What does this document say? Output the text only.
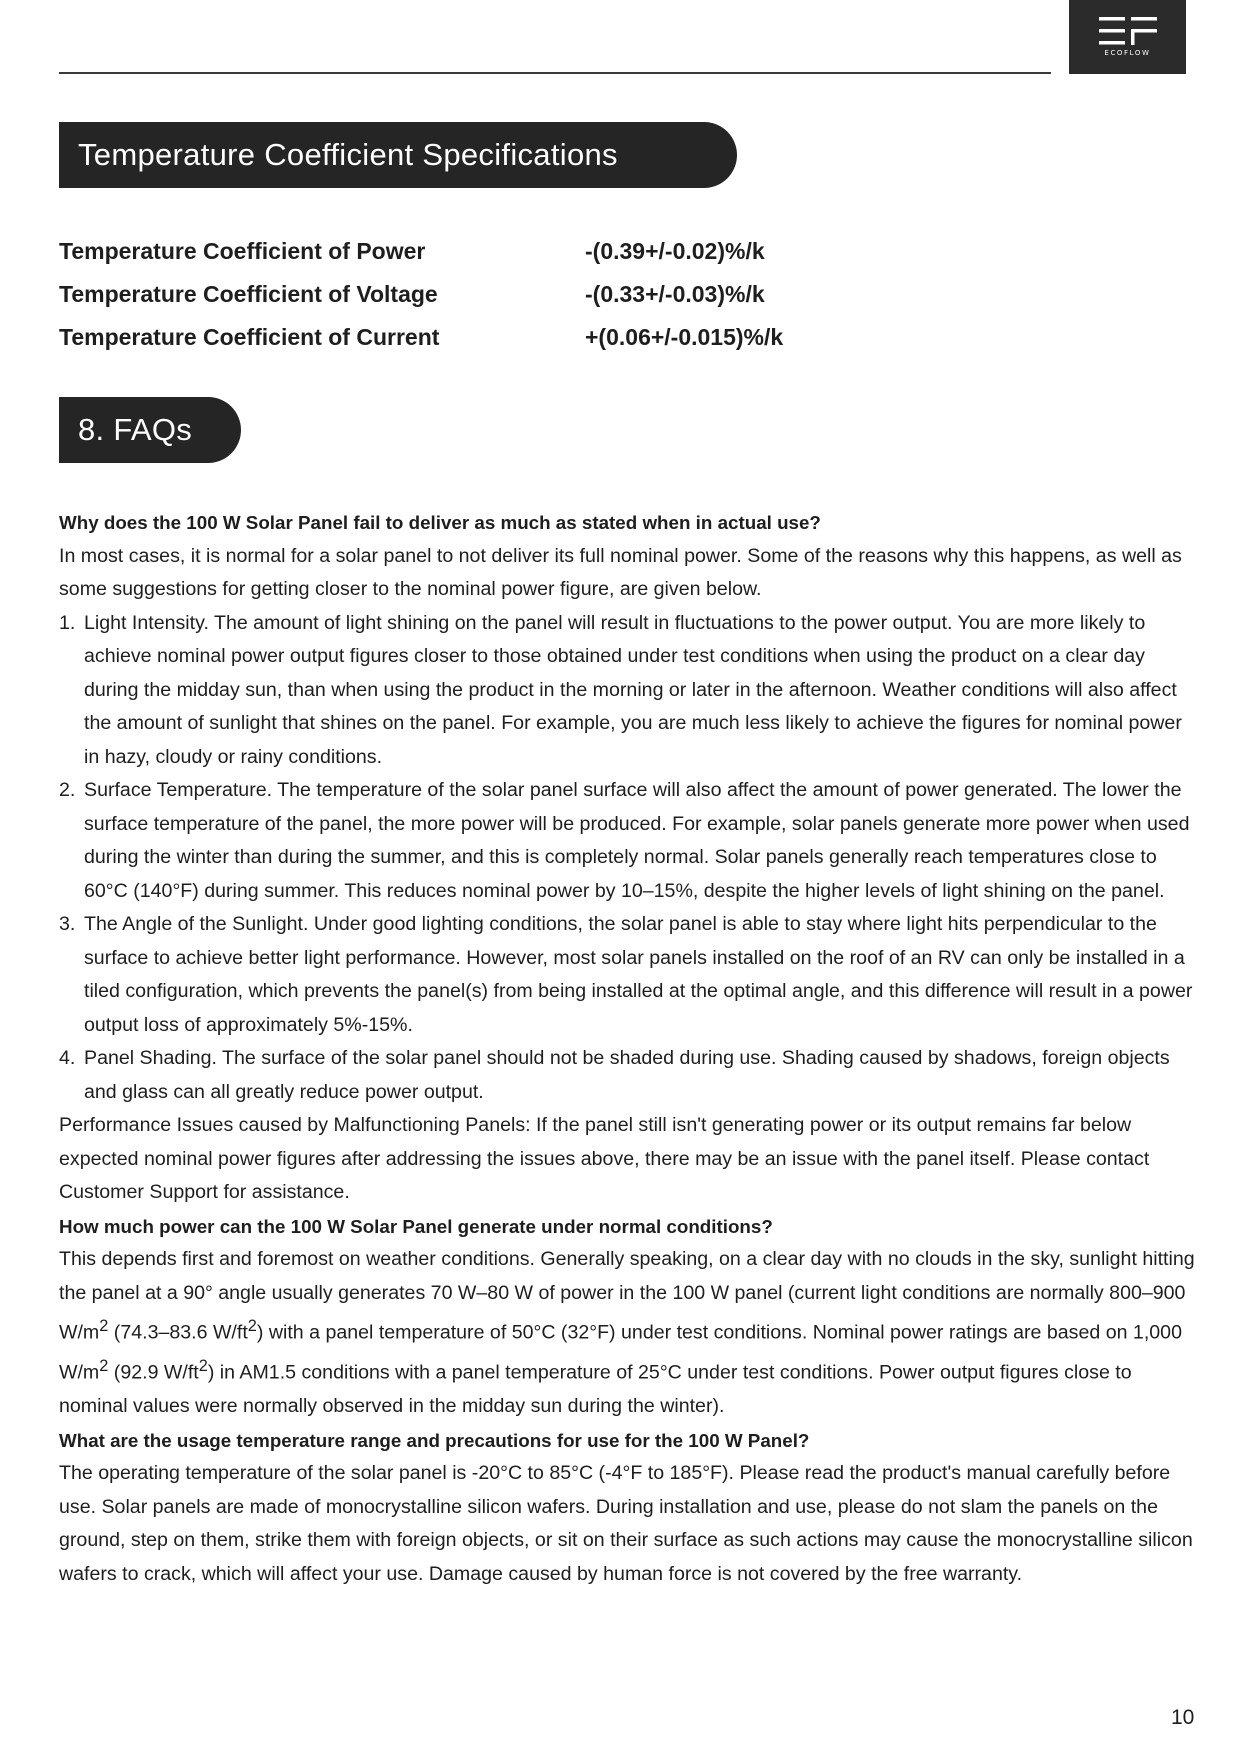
ECOFLOW
Temperature Coefficient Specifications
Temperature Coefficient of Power	-(0.39+/-0.02)%/k
Temperature Coefficient of Voltage	-(0.33+/-0.03)%/k
Temperature Coefficient of Current	+(0.06+/-0.015)%/k
8. FAQs

Why does the 100 W Solar Panel fail to deliver as much as stated when in actual use?

In most cases, it is normal for a solar panel to not deliver its full nominal power. Some of the reasons why this happens, as well as some suggestions for getting closer to the nominal power figure, are given below.

1. Light Intensity. The amount of light shining on the panel will result in fluctuations to the power output. You are more likely to achieve nominal power output figures closer to those obtained under test conditions when using the product on a clear day during the midday sun, than when using the product in the morning or later in the afternoon. Weather conditions will also affect the amount of sunlight that shines on the panel. For example, you are much less likely to achieve the figures for nominal power in hazy, cloudy or rainy conditions.
2. Surface Temperature. The temperature of the solar panel surface will also affect the amount of power generated. The lower the surface temperature of the panel, the more power will be produced. For example, solar panels generate more power when used during the winter than during the summer, and this is completely normal. Solar panels generally reach temperatures close to 60°C (140°F) during summer. This reduces nominal power by 10–15%, despite the higher levels of light shining on the panel.
3. The Angle of the Sunlight. Under good lighting conditions, the solar panel is able to stay where light hits perpendicular to the surface to achieve better light performance. However, most solar panels installed on the roof of an RV can only be installed in a tiled configuration, which prevents the panel(s) from being installed at the optimal angle, and this difference will result in a power output loss of approximately 5%-15%.
4. Panel Shading. The surface of the solar panel should not be shaded during use. Shading caused by shadows, foreign objects and glass can all greatly reduce power output.

Performance Issues caused by Malfunctioning Panels: If the panel still isn't generating power or its output remains far below expected nominal power figures after addressing the issues above, there may be an issue with the panel itself. Please contact Customer Support for assistance.

How much power can the 100 W Solar Panel generate under normal conditions?

This depends first and foremost on weather conditions. Generally speaking, on a clear day with no clouds in the sky, sunlight hitting the panel at a 90° angle usually generates 70 W–80 W of power in the 100 W panel (current light conditions are normally 800–900 $W/m^2$ (74.3–83.6 $W/ft^2$) with a panel temperature of 50°C (32°F) under test conditions. Nominal power ratings are based on 1,000 $W/m^2$ (92.9 $W/ft^2$) in AM1.5 conditions with a panel temperature of 25°C under test conditions. Power output figures close to nominal values were normally observed in the midday sun during the winter).

What are the usage temperature range and precautions for use for the 100 W Panel?

The operating temperature of the solar panel is -20°C to 85°C (-4°F to 185°F). Please read the product's manual carefully before use. Solar panels are made of monocrystalline silicon wafers. During installation and use, please do not slam the panels on the ground, step on them, strike them with foreign objects, or sit on their surface as such actions may cause the monocrystalline silicon wafers to crack, which will affect your use. Damage caused by human force is not covered by the free warranty.

10
